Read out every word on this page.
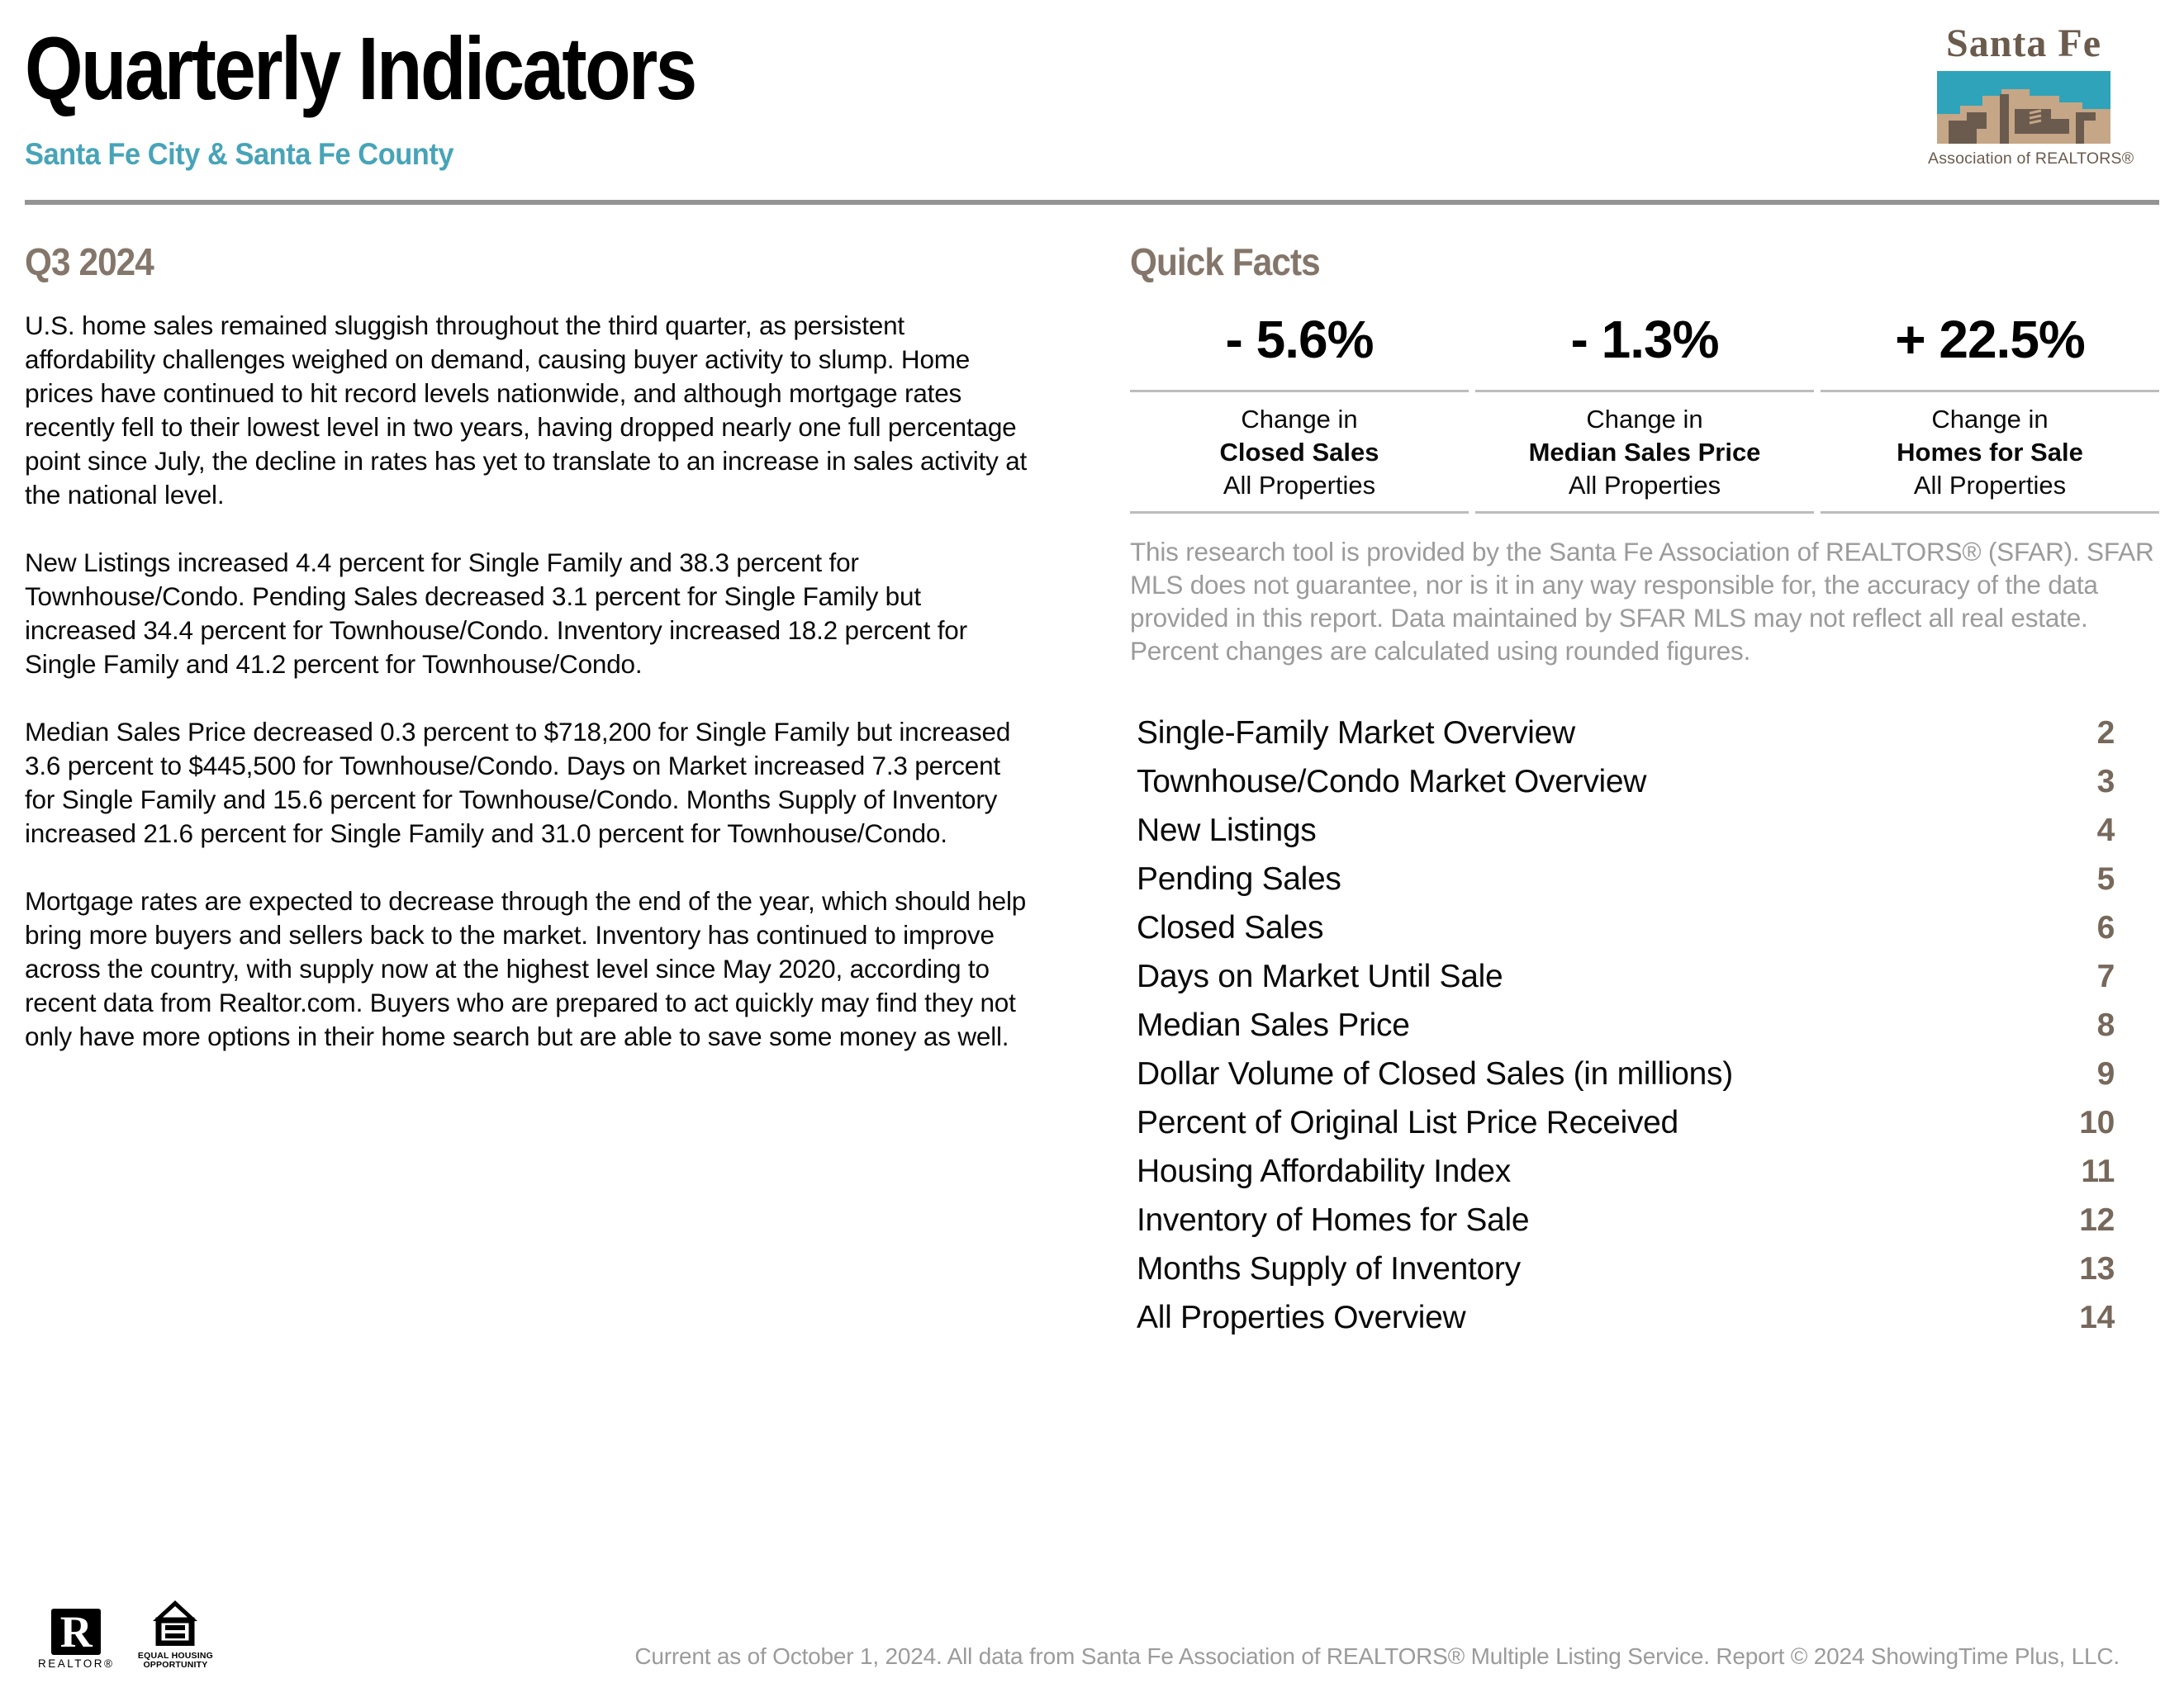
Quarterly Indicators
Santa Fe City & Santa Fe County
Santa Fe
Association of REALTORS®
Q3 2024

U.S. home sales remained sluggish throughout the third quarter, as persistent affordability challenges weighed on demand, causing buyer activity to slump. Home prices have continued to hit record levels nationwide, and although mortgage rates recently fell to their lowest level in two years, having dropped nearly one full percentage point since July, the decline in rates has yet to translate to an increase in sales activity at the national level.

New Listings increased 4.4 percent for Single Family and 38.3 percent for Townhouse/Condo. Pending Sales decreased 3.1 percent for Single Family but increased 34.4 percent for Townhouse/Condo. Inventory increased 18.2 percent for Single Family and 41.2 percent for Townhouse/Condo.

Median Sales Price decreased 0.3 percent to $718,200 for Single Family but increased 3.6 percent to $445,500 for Townhouse/Condo. Days on Market increased 7.3 percent for Single Family and 15.6 percent for Townhouse/Condo. Months Supply of Inventory increased 21.6 percent for Single Family and 31.0 percent for Townhouse/Condo.

Mortgage rates are expected to decrease through the end of the year, which should help bring more buyers and sellers back to the market. Inventory has continued to improve across the country, with supply now at the highest level since May 2020, according to recent data from Realtor.com. Buyers who are prepared to act quickly may find they not only have more options in their home search but are able to save some money as well.

Quick Facts
- 5.6%
Change in
Closed Sales
All Properties
- 1.3%
Change in
Median Sales Price
All Properties
+ 22.5%
Change in
Homes for Sale
All Properties

This research tool is provided by the Santa Fe Association of REALTORS® (SFAR). SFAR MLS does not guarantee, nor is it in any way responsible for, the accuracy of the data provided in this report. Data maintained by SFAR MLS may not reflect all real estate. Percent changes are calculated using rounded figures.

Single-Family Market Overview	2
Townhouse/Condo Market Overview	3
New Listings	4
Pending Sales	5
Closed Sales	6
Days on Market Until Sale	7
Median Sales Price	8
Dollar Volume of Closed Sales (in millions)	9
Percent of Original List Price Received	10
Housing Affordability Index	11
Inventory of Homes for Sale	12
Months Supply of Inventory	13
All Properties Overview	14
R
REALTOR®
EQUAL HOUSING OPPORTUNITY	Current as of October 1, 2024. All data from Santa Fe Association of REALTORS® Multiple Listing Service. Report © 2024 ShowingTime Plus, LLC.
